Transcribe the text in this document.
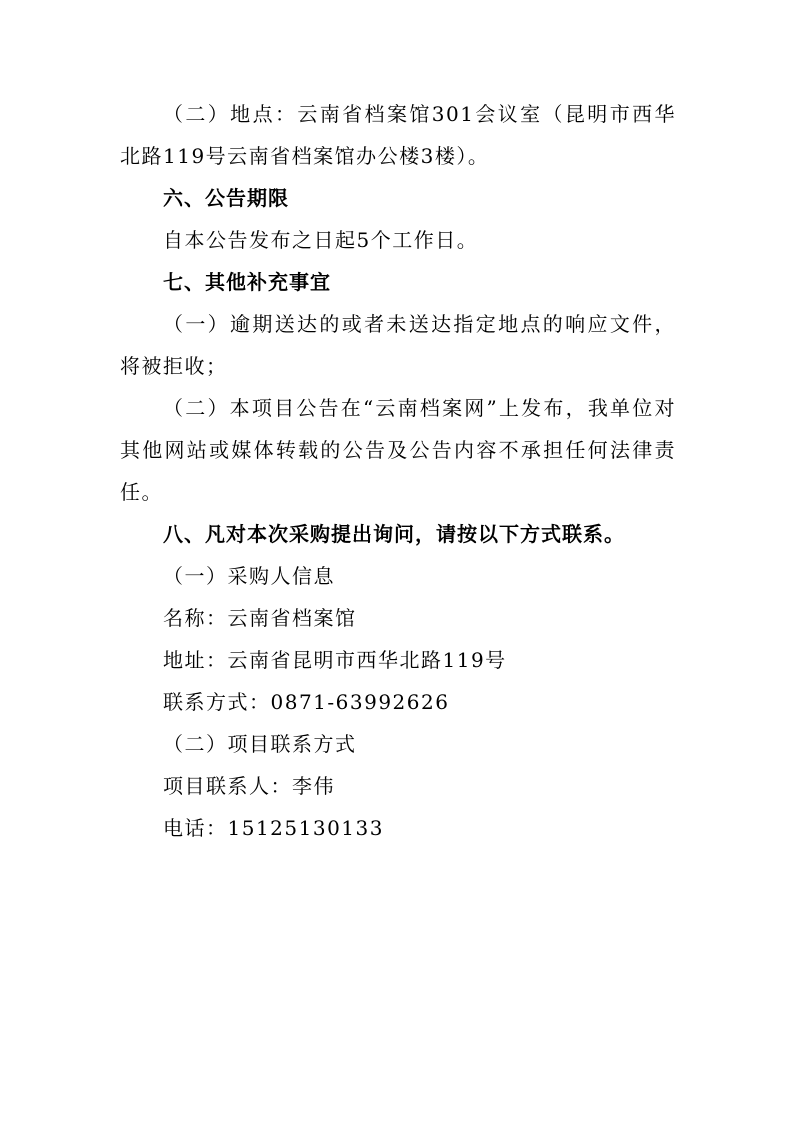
（二）地点：云南省档案馆301会议室（昆明市西华北路119号云南省档案馆办公楼3楼）。

六、公告期限

自本公告发布之日起5个工作日。

七、其他补充事宜

（一）逾期送达的或者未送达指定地点的响应文件，将被拒收；

（二）本项目公告在“云南档案网”上发布，我单位对其他网站或媒体转载的公告及公告内容不承担任何法律责任。

八、凡对本次采购提出询问，请按以下方式联系。

（一）采购人信息

名称：云南省档案馆

地址：云南省昆明市西华北路119号

联系方式：0871-63992626

（二）项目联系方式

项目联系人：李伟

电话：15125130133
